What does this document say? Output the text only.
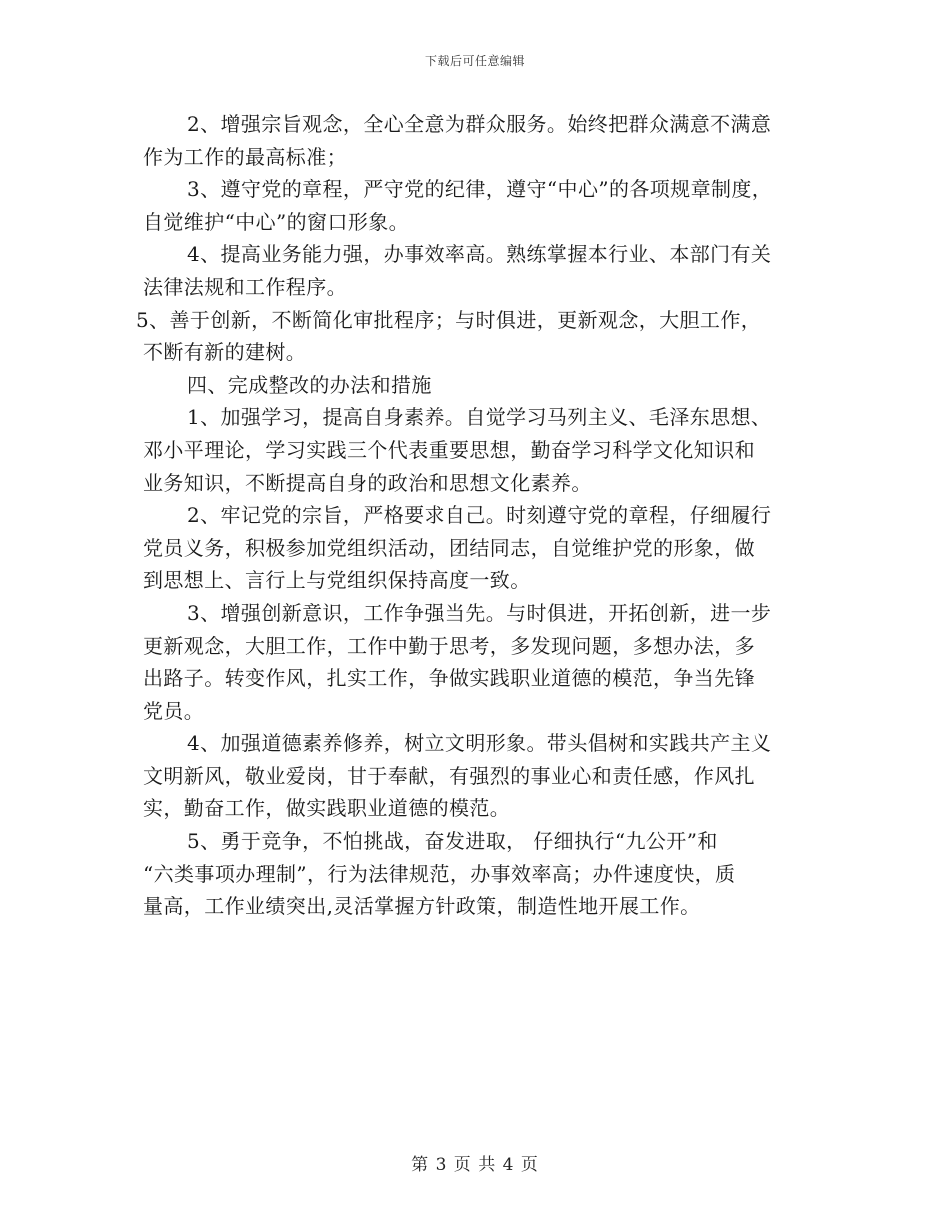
下载后可任意编辑
2、增强宗旨观念，全心全意为群众服务。始终把群众满意不满意
作为工作的最高标准；
3、遵守党的章程，严守党的纪律，遵守“中心”的各项规章制度，
自觉维护“中心”的窗口形象。
4、提高业务能力强，办事效率高。熟练掌握本行业、本部门有关
法律法规和工作程序。
5、善于创新，不断简化审批程序；与时俱进，更新观念，大胆工作，
不断有新的建树。
四、完成整改的办法和措施
1、加强学习，提高自身素养。自觉学习马列主义、毛泽东思想、
邓小平理论，学习实践三个代表重要思想，勤奋学习科学文化知识和
业务知识，不断提高自身的政治和思想文化素养。
2、牢记党的宗旨，严格要求自己。时刻遵守党的章程，仔细履行
党员义务，积极参加党组织活动，团结同志，自觉维护党的形象，做
到思想上、言行上与党组织保持高度一致。
3、增强创新意识，工作争强当先。与时俱进，开拓创新，进一步
更新观念，大胆工作，工作中勤于思考，多发现问题，多想办法，多
出路子。转变作风，扎实工作，争做实践职业道德的模范，争当先锋
党员。
4、加强道德素养修养，树立文明形象。带头倡树和实践共产主义
文明新风，敬业爱岗，甘于奉献，有强烈的事业心和责任感，作风扎
实，勤奋工作，做实践职业道德的模范。
5、勇于竞争，不怕挑战，奋发进取， 仔细执行“九公开”和
“六类事项办理制”，行为法律规范，办事效率高；办件速度快，质
量高，工作业绩突出,灵活掌握方针政策，制造性地开展工作。
第 3 页 共 4 页
